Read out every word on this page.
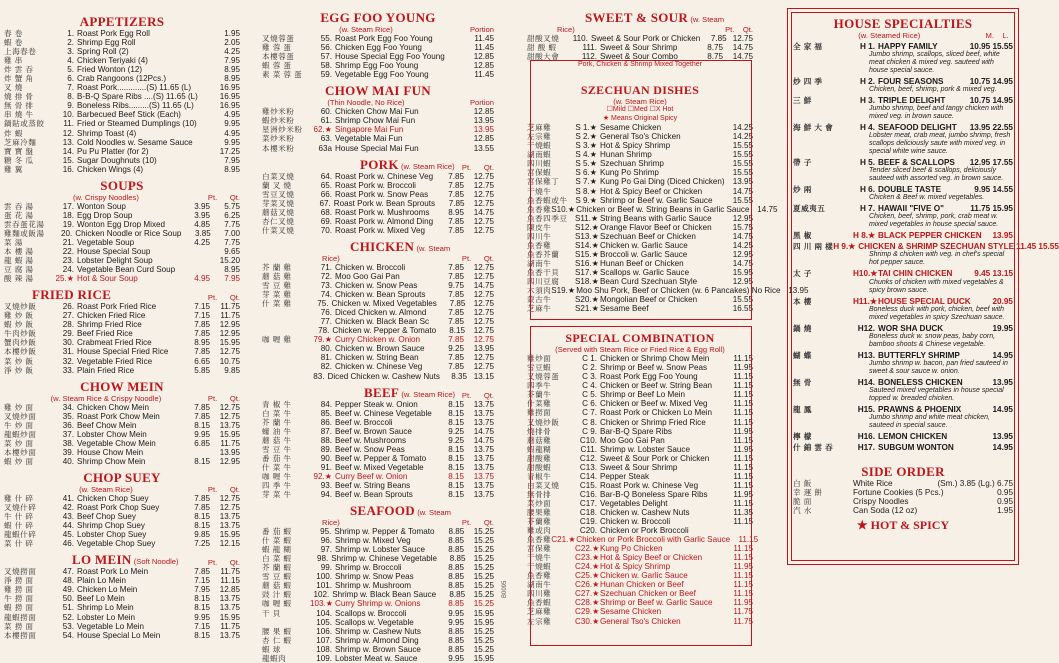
APPETIZERS
春 卷	1. Roast Pork Egg Roll	1.95
蝦 卷	2. Shrimp Egg Roll	2.05
上海春卷	3. Spring Roll (2)	4.25
雞 串	4. Chicken Teriyaki (4)	7.95
炸 雲 吞	5. Fried Wonton (12)	8.95
炸 蟹 角	6. Crab Rangoons (12Pcs.)	8.95
叉 燒	7. Roast Pork.............(S) 11.65 (L)	16.95
燒 排 骨	8. B-B-Q Spare Ribs ....(S) 11.65 (L)	16.95
無 骨 排	9. Boneless Ribs.........(S) 11.65 (L)	16.95
串 燒 牛	10. Barbecued Beef Stick (Each)	4.95
鍋貼或蒸餃	11. Fried or Steamed Dumplings (10)	9.95
炸 蝦	12. Shrimp Toast (4)	4.95
芝麻冷麵	13. Cold Noodles w. Sesame Sauce	9.95
寶 寶 盤	14. Pu Pu Platter (for 2)	17.25
糖 冬 瓜	15. Sugar Doughnuts (10)	7.95
雞 翼	16. Chicken Wings (4)	8.95
SOUPS
(w. Crispy Noodles)	Pt.
Qt.
雲 吞 湯	17. Wonton Soup	3.95	5.75
蛋 花 湯	18. Egg Drop Soup	3.95	6.25
雲吞蛋花湯	19. Wonton Egg Drop Mixed	4.85	7.75
雞麵或飯湯	20. Chicken Noodle or Rice Soup	3.85	7.00
菜 湯	21. Vegetable Soup	4.25	7.75
本 樓 湯	22. House Special Soup	9.65
龍 蝦 湯	23. Lobster Delight Soup	15.20
豆 腐 湯	24. Vegetable Bean Curd Soup	8.95
酸 辣 湯	25.★ Hot & Sour Soup	4.95	7.95
FRIED RICE	Pt.
Qt.
叉燒炒飯	26. Roast Pork Fried Rice	7.15	11.75
雞 炒 飯	27. Chicken Fried Rice	7.15	11.75
蝦 炒 飯	28. Shrimp Fried Rice	7.85	12.95
牛肉炒飯	29. Beef Fried Rice	7.85	12.95
蟹肉炒飯	30. Crabmeat Fried Rice	8.95	15.95
本樓炒飯	31. House Special Fried Rice	7.85	12.75
菜 炒 飯	32. Vegetable Fried Rice	6.65	10.75
淨 炒 飯	33. Plain Fried Rice	5.85	9.85
CHOW MEIN
(w. Steam Rice & Crispy Noodle)	Pt.
Qt.
雞 炒 面	34. Chicken Chow Mein	7.85	12.75
叉燒炒面	35. Roast Pork Chow Mein	7.85	12.75
牛 炒 面	36. Beef Chow Mein	8.15	13.75
龍蝦炒面	37. Lobster Chow Mein	9.95	15.95
菜 炒 面	38. Vegetable Chow Mein	6.85	11.75
本樓炒面	39. House Chow Mein	13.95
蝦 炒 面	40. Shrimp Chow Mein	8.15	12.95
CHOP SUEY
(w. Steam Rice)	Pt.
Qt.
雞 什 碎	41. Chicken Chop Suey	7.85	12.75
叉燒什碎	42. Roast Pork Chop Suey	7.85	12.75
牛 什 碎	43. Beef Chop Suey	8.15	13.75
蝦 什 碎	44. Shrimp Chop Suey	8.15	13.75
龍蝦什碎	45. Lobster Chop Suey	9.85	15.95
菜 什 碎	46. Vegetable Chop Suey	7.25	12.15
LO MEIN (Soft Noodle)	Pt.
Qt.
叉燒撈面	47. Roast Pork Lo Mein	7.85	11.75
淨 撈 面	48. Plain Lo Mein	7.15	11.15
雞 撈 面	49. Chicken Lo Mein	7.95	12.85
牛 撈 面	50. Beef Lo Mein	8.15	13.75
蝦 撈 面	51. Shrimp Lo Mein	8.15	13.75
龍蝦撈面	52. Lobster Lo Mein	9.95	15.95
菜 撈 面	53. Vegetable Lo Mein	7.15	11.75
本樓撈面	54. House Special Lo Mein	8.15	13.75
EGG FOO YOUNG
(w. Steam Rice)	Portion
叉燒蓉蛋	55. Roast Pork Egg Foo Young	11.45
雞 蓉 蛋	56. Chicken Egg Foo Young	11.45
本樓蓉蛋	57. House Special Egg Foo Young	12.85
蝦 蓉 蛋	58. Shrimp Egg Foo Young	12.85
素 菜 蓉 蛋	59. Vegetable Egg Foo Young	11.45
CHOW MAI FUN
(Thin Noodle, No Rice)	Portion
雞炒米粉	60. Chicken Chow Mai Fun	12.85
蝦炒米粉	61. Shrimp Chow Mai Fun	13.95
星洲炒米粉	62.★ Singapore Mai Fun	13.95
菜炒米粉	63. Vegetable Mai Fun	12.85
本樓米粉	63a House Special Mai Fun	13.55
PORK (w. Steam Rice) Pt.
Qt.
白菜叉燒	64. Roast Pork w. Chinese Veg	7.85	12.75
蘭 叉 燒	65. Roast Pork w. Broccoli	7.85	12.75
雪豆叉燒	66. Roast Pork w. Snow Peas	7.85	12.75
芽菜叉燒	67. Roast Pork w. Bean Sprouts	7.85	12.75
蘑菇叉燒	68. Roast Pork w. Mushrooms	8.95	14.75
杏仁叉燒	69. Roast Pork w. Almond Ding	7.85	12.75
什菜叉燒	70. Roast Pork w. Mixed Veg	7.85	12.75
CHICKEN (w. Steam Rice)	Pt.
Qt.
芥 蘭 雞	71. Chicken w. Broccoli	7.85	12.75
蘑 菇 雞	72. Moo Goo Gai Pan	7.85	12.75
雪 豆 雞	73. Chicken w. Snow Peas	9.75	14.75
芽 菜 雞	74. Chicken w. Bean Sprouts	7.85	12.75
什 菜 雞	75. Chicken w. Mixed Vegetables	7.85	12.75
76. Diced Chicken w. Almond	7.85	12.75
77. Chicken w. Black Bean Sc	7.85	12.75
78. Chicken w. Pepper & Tomato	8.15	12.75
咖 喱 雞	79.★ Curry Chicken w. Onion	7.85	12.75
80. Chicken w. Brown Sauce	9.25	13.95
81. Chicken w. String Bean	7.85	12.75
82. Chicken w. Chinese Veg	7.85	12.75
83. Diced Chicken w. Cashew Nuts	8.35 13.15
BEEF (w. Steam Rice) Pt.
Qt.
青 椒 牛	84. Pepper Steak w. Onion	8.15	13.75
白 菜 牛	85. Beef w. Chinese Vegetable	8.15	13.75
芥 蘭 牛	86. Beef w. Broccoli	8.15	13.75
蠔 油 牛	87. Beef w. Brown Sauce	9.25	14.75
蘑 菇 牛	88. Beef w. Mushrooms	9.25	14.75
雪 豆 牛	89. Beef w. Snow Peas	8.15	13.75
番 茄 牛	90. Beef w. Pepper & Tomato	8.15	13.75
什 菜 牛	91. Beef w. Mixed Vegetable	8.15	13.75
咖 喱 牛	92.★ Curry Beef w. Onion	8.15	13.75
四 季 牛	93. Beef w. String Beans	8.15	13.75
芽 菜 牛	94. Beef w. Bean Sprouts	8.15	13.75
SEAFOOD (w. Steam Rice)	Pt.
Qt.
番 茄 蝦	95. Shrimp w. Pepper & Tomato	8.85	15.25
什 菜 蝦	96. Shrimp w. Mixed Veg	8.85	15.25
蝦 龍 糊	97. Shrimp w. Lobster Sauce	8.85	15.25
白 菜 蝦	98. Shrimp w. Chinese Vegetable	8.85	15.25
芥 蘭 蝦	99. Shrimp w. Broccoli	8.85	15.25
雪 豆 蝦	100. Shrimp w. Snow Peas	8.85	15.25
蘑 菇 蝦	101. Shrimp w. Mushroom	8.85	15.25
豉 汁 蝦	102. Shrimp w. Black Bean Sauce	8.85	15.25
咖 喱 蝦	103.★ Curry Shrimp w. Onions	8.85	15.25
干 貝	104. Scallops w. Broccoli	9.95	15.95
105. Scallops w. Vegetable	9.95	15.95
腰 果 蝦	106. Shrimp w. Cashew Nuts	8.85	15.25
杏 仁 蝦	107. Shrimp w. Almond Ding	8.85	15.25
蝦 球	108. Shrimp w. Brown Sauce	8.85	15.25
龍蝦肉	109. Lobster Meat w. Sauce	9.95	15.95
B0095
SWEET & SOUR (w. Steam Rice)	Pt.
Qt.
甜酸叉燒	110. Sweet & Sour Pork or Chicken	7.85 12.75
甜 酸 蝦	111. Sweet & Sour Shrimp	8.75	14.75
甜酸大會	112. Sweet & Sour Combo	8.75	14.75
Pork, Chicken & Shrimp Mixed Together
SZECHUAN DISHES
(w. Steam Rice)
☐Mild ☐Med ☐X Hot
★ Means Original Spicy
芝麻雞	S 1.★ Sesame Chicken	14.25
左宗雞	S 2.★ General Tso's Chicken	14.25
干燒蝦	S 3.★ Hot & Spicy Shrimp	15.55
湖南蝦	S 4.★ Hunan Shrimp	15.55
四川蝦	S 5.★ Szechuan Shrimp	15.55
宮保蝦	S 6.★ Kung Po Shrimp	15.55
宮保雞丁	S 7.★ Kung Po Gai Ding (Diced Chicken)	13.95
干燒牛	S 8.★ Hot & Spicy Beef or Chicken	14.75
魚香蝦或牛 S 9.★ Shrimp or Beef w. Garlic Sauce	15.55
魚香雞 S10.★ Chicken or Beef w. String Beans in Garlic Sauce 14.75
魚香四季豆 S11.★ String Beans with Garlic Sauce	12.95
陳皮牛	S12.★ Orange Flavor Beef or Chicken	15.75
四川牛	S13.★ Szechuan Beef or Chicken	14.75
魚香雞	S14.★ Chicken w. Garlic Sauce	14.25
魚香芥蘭	S15.★ Broccoli w. Garlic Sauce	12.95
湖南牛	S16.★ Hunan Beef or Chicken	14.75
魚香干貝	S17.★ Scallops w. Garlic Sauce	15.95
四川豆腐	S18.★ Bean Curd Szechuan Style	12.95
木須肉 S19.★ Moo Shu Pork, Beef or Chicken (w. 6 Pancakes) No Rice 13.95
蒙古牛	S20.★ Mongolian Beef or Chicken	15.55
芝麻牛	S21.★ Sesame Beef	16.55
SPECIAL COMBINATION
(Served with Steam Rice or Fried Rice & Egg Roll)
雞炒面	C 1. Chicken or Shrimp Chow Mein	11.15
雪豆蝦	C 2. Shrimp or Beef w. Snow Peas	11.95
叉燒蓉蛋	C 3. Roast Pork Egg Foo Young	11.15
四季牛	C 4. Chicken or Beef w. String Bean	11.15
芥蘭牛	C 5. Shrimp or Beef Lo Mein	11.15
什菜雞	C 6. Chicken or Beef w. Mixed Veg	11.15
雞撈面	C 7. Roast Pork or Chicken Lo Mein	11.15
叉燒炒飯	C 8. Chicken or Shrimp Fried Rice	11.15
燒排骨	C 9. Bar-B-Q Spare Ribs	11.95
蘑菇雞	C10. Moo Goo Gai Pan	11.15
蝦龍糊	C11. Shrimp w. Lobster Sauce	11.95
甜酸雞	C12. Sweet & Sour Pork or Chicken	11.15
甜酸蝦	C13. Sweet & Sour Shrimp	11.15
青椒牛	C14. Pepper Steak	11.15
白菜叉燒	C15. Roast Pork w. Chinese Veg	11.15
無骨排	C16. Bar-B-Q Boneless Spare Ribs	11.95
菜炒面	C17. Vegetables Delight	11.15
腰果雞	C18. Chicken w. Cashew Nuts	11.35
芥蘭雞	C19. Chicken w. Broccoli	11.15
雞或肉	C20. Chicken or Pork Broccoli
魚香雞 C21.★ Chicken or Pork Broccoli with Garlic Sauce	11.15
宮保雞	C22.★ Kung Po Chicken	11.15
干燒牛	C23.★ Hot & Spicy Beef or Chicken	11.15
干燒蝦	C24.★ Hot & Spicy Shrimp	11.95
魚香雞	C25.★ Chicken w. Garlic Sauce	11.15
湖南牛	C26.★ Hunan Chicken or Beef	11.15
四川雞	C27.★ Szechuan Chicken or Beef	11.15
魚香蝦	C28.★ Shrimp or Beef w. Garlic Sauce	11.95
芝麻雞	C29.★ Sesame Chicken	11.75
左宗雞	C30.★ General Tso's Chicken	11.75
HOUSE SPECIALTIES
(w. Steamed Rice)	M.
L.

全 家 福	H 1. HAPPY FAMILY	10.95 15.55
Jumbo shrimp, scallops, sliced beef, white meat chicken & mixed veg. sauteed with house special sauce.
炒 四 季	H 2. FOUR SEASONS	10.75 14.95
Chicken, beef, shrimp, pork & mixed veg.
三 鮮	H 3. TRIPLE DELIGHT	10.75 14.95
Jumbo shrimp, beef and tangy chicken with mixed veg. in brown sauce.
海 鮮 大 會	H 4. SEAFOOD DELIGHT	13.95 22.55
Lobster meat, crab meat, jumbo shrimp, fresh scallops deliciously saute with mixed veg. in special white wine sauce.
帶 子	H 5. BEEF & SCALLOPS	12.95 17.55
Tender sliced beef & scallops, deliciously sauteed with assorted veg. in brown sauce.
炒 兩	H 6. DOUBLE TASTE	9.95 14.55
Chicken & Beef w. mixed vegetables.
夏威夷五	H 7. HAWAII "FIVE O"	11.75 15.95
Chicken, beef, shrimp, pork, crab meat w. mixed vegetables in house special sauce.
黑 椒	H 8.★ BLACK PEPPER CHICKEN	13.95
四 川 兩 樣 H 9.★ CHICKEN & SHRIMP SZECHUAN STYLE 11.45 15.55
Shrimp & chicken with veg. in chef's special hot pepper sauce.
太 子	H10.★ TAI CHIN CHICKEN	9.45 13.15
Chunks of chicken with mixed vegetables & spicy brown sauce.
本 樓	H11.★ HOUSE SPECIAL DUCK	20.95
Boneless duck with pork, chicken, beef with mixed vegetables in spicy Szechuan sauce.
鍋 燒	H12. WOR SHA DUCK	19.95
Boneless duck w. snow peas, baby corn, bamboo shoots & Chinese vegetable.
蝴 蝶	H13. BUTTERFLY SHRIMP	14.95
Jumbo shrimp w. bacon, pan fried sauteed in sweet & sour sauce w. onion.
無 骨	H14. BONELESS CHICKEN	13.95
Sauteed mixed vegetables in house special topped w. breaded chicken.
龍 鳳	H15. PRAWNS & PHOENIX	14.95
Jumbo shrimp and white meat chicken, sauteed in special sauce.
檸 檬	H16. LEMON CHICKEN	13.95
什 錦 雲 吞	H17. SUBGUM WONTON	14.95
SIDE ORDER
白 飯	White Rice	(Sm.) 3.85 (Lg.) 6.75
幸 運 餅	Fortune Cookies (5 Pcs.)	0.95
脆 面	Crispy Noodles	0.95
汽 水	Can Soda (12 oz)	1.95
★ HOT & SPICY
